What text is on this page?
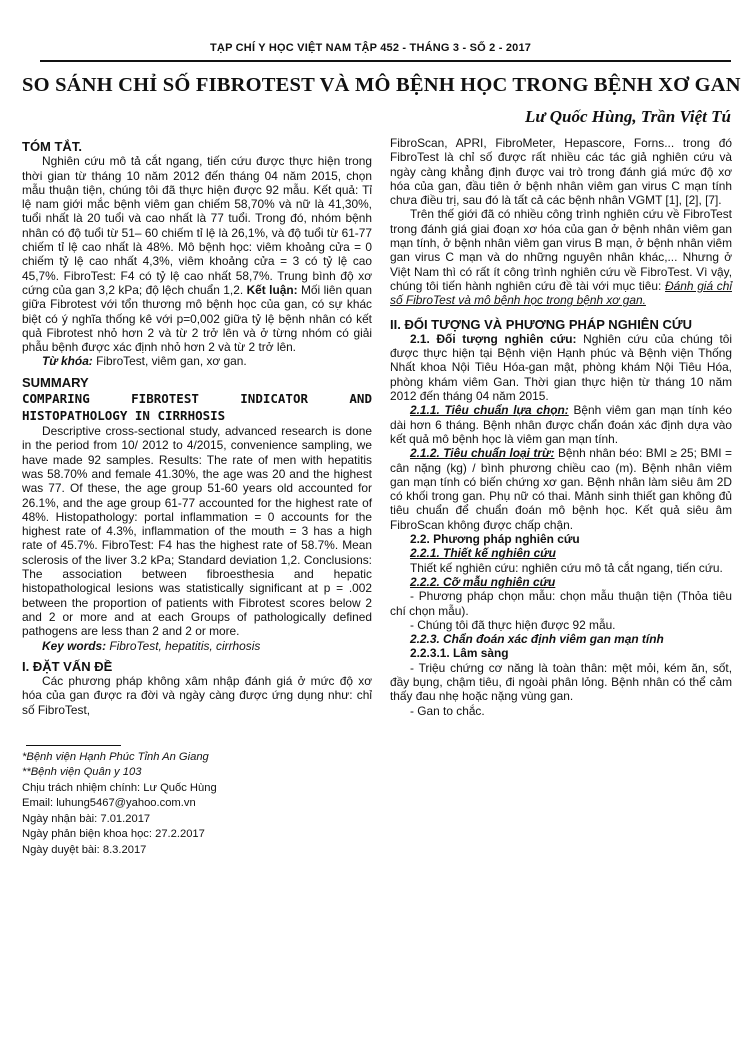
TẠP CHÍ Y HỌC VIỆT NAM TẬP 452 - THÁNG 3 - SỐ 2 - 2017
SO SÁNH CHỈ SỐ FIBROTEST VÀ MÔ BỆNH HỌC TRONG BỆNH XƠ GAN
Lư Quốc Hùng, Trần Việt Tú

TÓM TẮT.

Nghiên cứu mô tả cắt ngang, tiến cứu được thực hiện trong thời gian từ tháng 10 năm 2012 đến tháng 04 năm 2015, chọn mẫu thuận tiện, chúng tôi đã thực hiện được 92 mẫu. Kết quả: Tỉ lệ nam giới mắc bệnh viêm gan chiếm 58,70% và nữ là 41,30%, tuổi nhất là 20 tuổi và cao nhất là 77 tuổi. Trong đó, nhóm bệnh nhân có độ tuổi từ 51– 60 chiếm tỉ lệ là 26,1%, và độ tuổi từ 61-77 chiếm tỉ lệ cao nhất là 48%. Mô bệnh học: viêm khoảng cửa = 0 chiếm tỷ lệ cao nhất 4,3%, viêm khoảng cửa = 3 có tỷ lệ cao 45,7%. FibroTest: F4 có tỷ lệ cao nhất 58,7%. Trung bình độ xơ cứng của gan 3,2 kPa; độ lệch chuẩn 1,2. Kết luận: Mối liên quan giữa Fibrotest với tổn thương mô bệnh học của gan, có sự khác biệt có ý nghĩa thống kê với p=0,002 giữa tỷ lệ bệnh nhân có kết quả Fibrotest nhỏ hơn 2 và từ 2 trở lên và ở từng nhóm có giải phẫu bệnh được xác định nhỏ hơn 2 và từ 2 trở lên.

Từ khóa: FibroTest, viêm gan, xơ gan.

SUMMARY

COMPARING FIBROTEST INDICATOR AND HISTOPATHOLOGY IN CIRRHOSIS

Descriptive cross-sectional study, advanced research is done in the period from 10/ 2012 to 4/2015, convenience sampling, we have made 92 samples. Results: The rate of men with hepatitis was 58.70% and female 41.30%, the age was 20 and the highest was 77. Of these, the age group 51-60 years old accounted for 26.1%, and the age group 61-77 accounted for the highest rate of 48%. Histopathology: portal inflammation = 0 accounts for the highest rate of 4.3%, inflammation of the mouth = 3 has a high rate of 45.7%. FibroTest: F4 has the highest rate of 58.7%. Mean sclerosis of the liver 3.2 kPa; Standard deviation 1,2. Conclusions: The association between fibroesthesia and hepatic histopathological lesions was statistically significant at p = .002 between the proportion of patients with Fibrotest scores below 2 and 2 or more and at each Groups of pathologically defined pathogens are less than 2 and 2 or more.

Key words: FibroTest, hepatitis, cirrhosis

I. ĐẶT VẤN ĐỀ

Các phương pháp không xâm nhập đánh giá ở mức độ xơ hóa của gan được ra đời và ngày càng được ứng dụng như: chỉ số FibroTest,

*Bệnh viện Hạnh Phúc Tỉnh An Giang

**Bệnh viện Quân y 103

Chịu trách nhiệm chính: Lư Quốc Hùng

Email: luhung5467@yahoo.com.vn

Ngày nhận bài: 7.01.2017

Ngày phản biện khoa học: 27.2.2017

Ngày duyệt bài: 8.3.2017

FibroScan, APRI, FibroMeter, Hepascore, Forns... trong đó FibroTest là chỉ số được rất nhiều các tác giả nghiên cứu và ngày càng khẳng định được vai trò trong đánh giá mức độ xơ hóa của gan, đầu tiên ở bệnh nhân viêm gan virus C mạn tính chưa điều trị, sau đó là tất cả các bệnh nhân VGMT [1], [2], [7].

Trên thế giới đã có nhiều công trình nghiên cứu về FibroTest trong đánh giá giai đoạn xơ hóa của gan ở bệnh nhân viêm gan mạn tính, ở bệnh nhân viêm gan virus B mạn, ở bệnh nhân viêm gan virus C mạn và do những nguyên nhân khác,... Nhưng ở Việt Nam thì có rất ít công trình nghiên cứu về FibroTest. Vì vậy, chúng tôi tiến hành nghiên cứu đề tài với mục tiêu: Đánh giá chỉ số FibroTest và mô bệnh học trong bệnh xơ gan.

II. ĐỐI TƯỢNG VÀ PHƯƠNG PHÁP NGHIÊN CỨU

2.1. Đối tượng nghiên cứu: Nghiên cứu của chúng tôi được thực hiện tại Bệnh viện Hạnh phúc và Bệnh viện Thống Nhất khoa Nội Tiêu Hóa-gan mật, phòng khám Nội Tiêu Hóa, phòng khám viêm Gan. Thời gian thực hiện từ tháng 10 năm 2012 đến tháng 04 năm 2015.

2.1.1. Tiêu chuẩn lựa chọn: Bệnh viêm gan mạn tính kéo dài hơn 6 tháng. Bệnh nhân được chẩn đoán xác định dựa vào kết quả mô bệnh học là viêm gan mạn tính.

2.1.2. Tiêu chuẩn loại trừ: Bệnh nhân béo: BMI ≥ 25; BMI = cân nặng (kg) / bình phương chiều cao (m). Bệnh nhân viêm gan mạn tính có biến chứng xơ gan. Bệnh nhân làm siêu âm 2D có khối trong gan. Phụ nữ có thai. Mảnh sinh thiết gan không đủ tiêu chuẩn để chuẩn đoán mô bệnh học. Kết quả siêu âm FibroScan không được chấp chận.

2.2. Phương pháp nghiên cứu

2.2.1. Thiết kế nghiên cứu

Thiết kế nghiên cứu: nghiên cứu mô tả cắt ngang, tiến cứu.

2.2.2. Cỡ mẫu nghiên cứu

- Phương pháp chọn mẫu: chọn mẫu thuận tiện (Thỏa tiêu chí chọn mẫu).

- Chúng tôi đã thực hiện được 92 mẫu.

2.2.3. Chẩn đoán xác định viêm gan mạn tính

2.2.3.1. Lâm sàng

- Triệu chứng cơ năng là toàn thân: mệt mỏi, kém ăn, sốt, đầy bụng, chậm tiêu, đi ngoài phân lỏng. Bệnh nhân có thể cảm thấy đau nhẹ hoặc nặng vùng gan.

- Gan to chắc.
